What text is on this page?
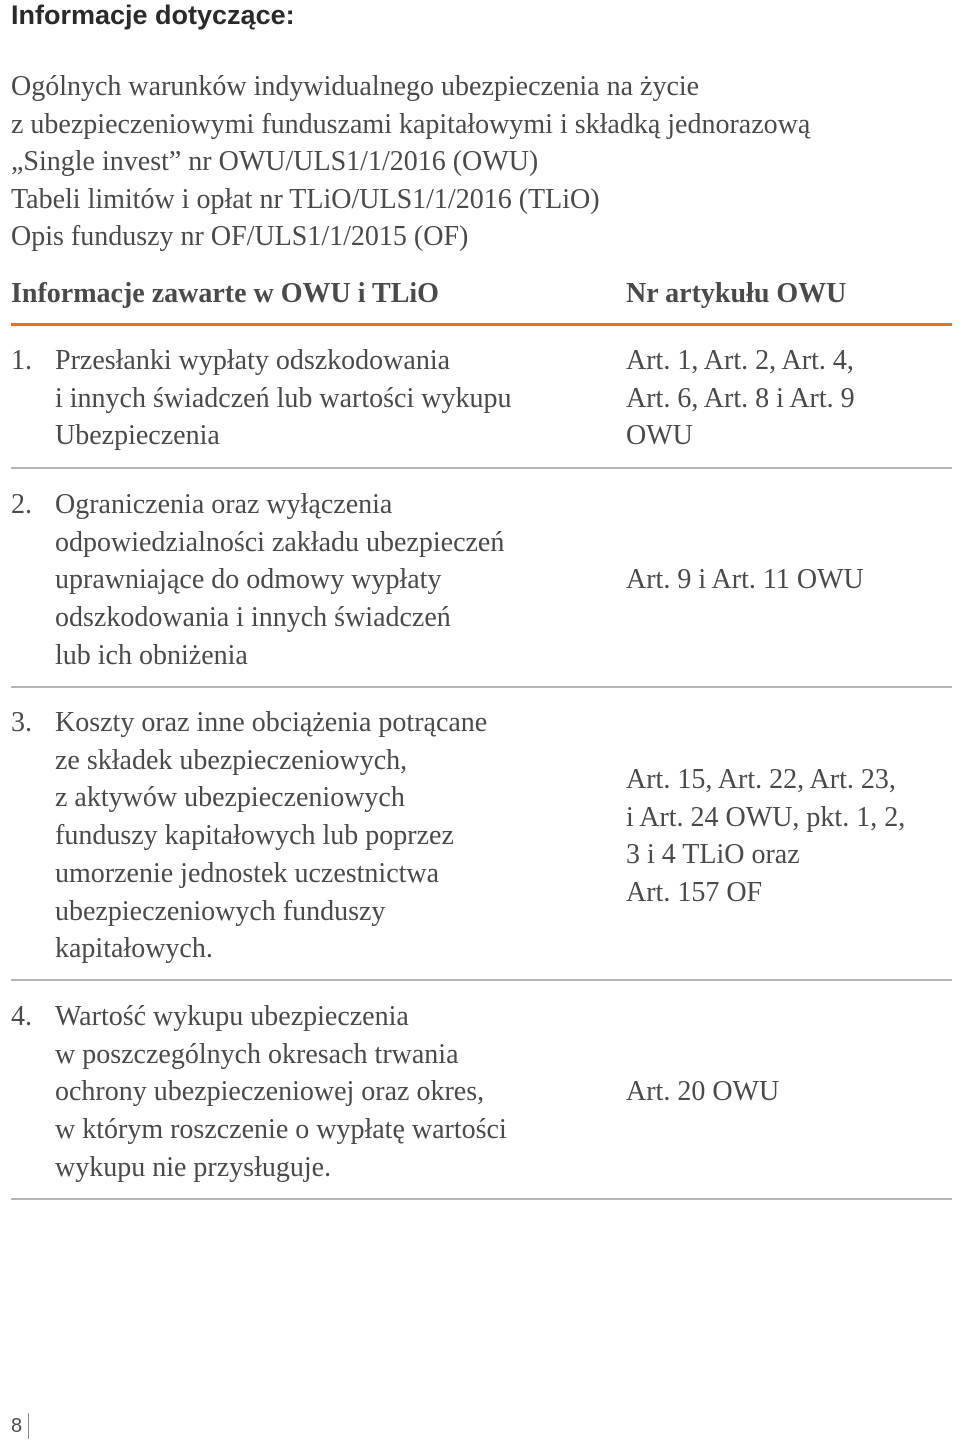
Informacje dotyczące:
Ogólnych warunków indywidualnego ubezpieczenia na życie
z ubezpieczeniowymi funduszami kapitałowymi i składką jednorazową
„Single invest” nr OWU/ULS1/1/2016 (OWU)
Tabeli limitów i opłat nr TLiO/ULS1/1/2016 (TLiO)
Opis funduszy nr OF/ULS1/1/2015 (OF)
Informacje zawarte w OWU i TLiO	Nr artykułu OWU
1. Przesłanki wypłaty odszkodowania
i innych świadczeń lub wartości wykupu
Ubezpieczenia
Art. 1, Art. 2, Art. 4,
Art. 6, Art. 8 i Art. 9
OWU
2. Ograniczenia oraz wyłączenia
odpowiedzialności zakładu ubezpieczeń
uprawniające do odmowy wypłaty
odszkodowania i innych świadczeń
lub ich obniżenia
Art. 9 i Art. 11 OWU
3. Koszty oraz inne obciążenia potrącane
ze składek ubezpieczeniowych,
z aktywów ubezpieczeniowych
funduszy kapitałowych lub poprzez
umorzenie jednostek uczestnictwa
ubezpieczeniowych funduszy
kapitałowych.
Art. 15, Art. 22, Art. 23,
i Art. 24 OWU, pkt. 1, 2,
3 i 4 TLiO oraz
Art. 157 OF
4. Wartość wykupu ubezpieczenia
w poszczególnych okresach trwania
ochrony ubezpieczeniowej oraz okres,
w którym roszczenie o wypłatę wartości
wykupu nie przysługuje.
Art. 20 OWU
8
